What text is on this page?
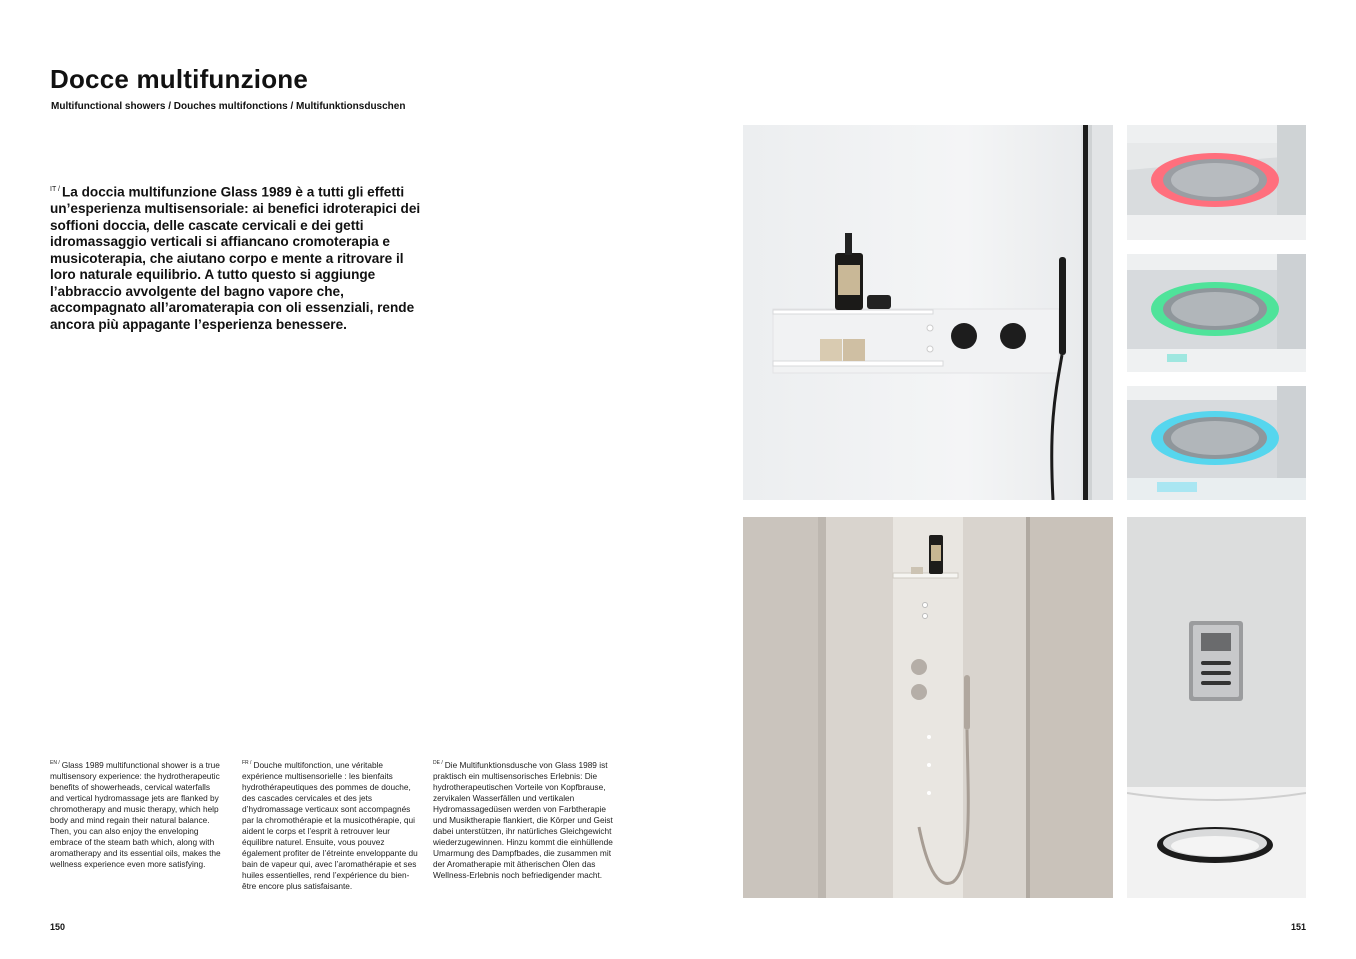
Docce multifunzione

Multifunctional showers / Douches multifonctions / Multifunktionsduschen

$^{IT /}$ La doccia multifunzione Glass 1989 è a tutti gli effetti un’esperienza multisensoriale: ai benefici idroterapici dei soffioni doccia, delle cascate cervicali e dei getti idromassaggio verticali si affiancano cromoterapia e musicoterapia, che aiutano corpo e mente a ritrovare il loro naturale equilibrio. A tutto questo si aggiunge l’abbraccio avvolgente del bagno vapore che, accompagnato all’aromaterapia con oli essenziali, rende ancora più appagante l’esperienza benessere.

$^{EN /}$ Glass 1989 multifunctional shower is a true multisensory experience: the hydrotherapeutic benefits of showerheads, cervical waterfalls and vertical hydromassage jets are flanked by chromotherapy and music therapy, which help body and mind regain their natural balance. Then, you can also enjoy the enveloping embrace of the steam bath which, along with aromatherapy and its essential oils, makes the wellness experience even more satisfying.

$^{FR /}$ Douche multifonction, une véritable expérience multisensorielle : les bienfaits hydrothérapeutiques des pommes de douche, des cascades cervicales et des jets d’hydromassage verticaux sont accompagnés par la chromothérapie et la musicothérapie, qui aident le corps et l’esprit à retrouver leur équilibre naturel. Ensuite, vous pouvez également profiter de l’étreinte enveloppante du bain de vapeur qui, avec l’aromathérapie et ses huiles essentielles, rend l’expérience du bien-être encore plus satisfaisante.

$^{DE /}$ Die Multifunktionsdusche von Glass 1989 ist praktisch ein multisensorisches Erlebnis: Die hydrotherapeutischen Vorteile von Kopfbrause, zervikalen Wasserfällen und vertikalen Hydromassagedüsen werden von Farbtherapie und Musiktherapie flankiert, die Körper und Geist dabei unterstützen, ihr natürliches Gleichgewicht wiederzugewinnen. Hinzu kommt die einhüllende Umarmung des Dampfbades, die zusammen mit der Aromatherapie mit ätherischen Ölen das Wellness-Erlebnis noch befriedigender macht.

150	151
